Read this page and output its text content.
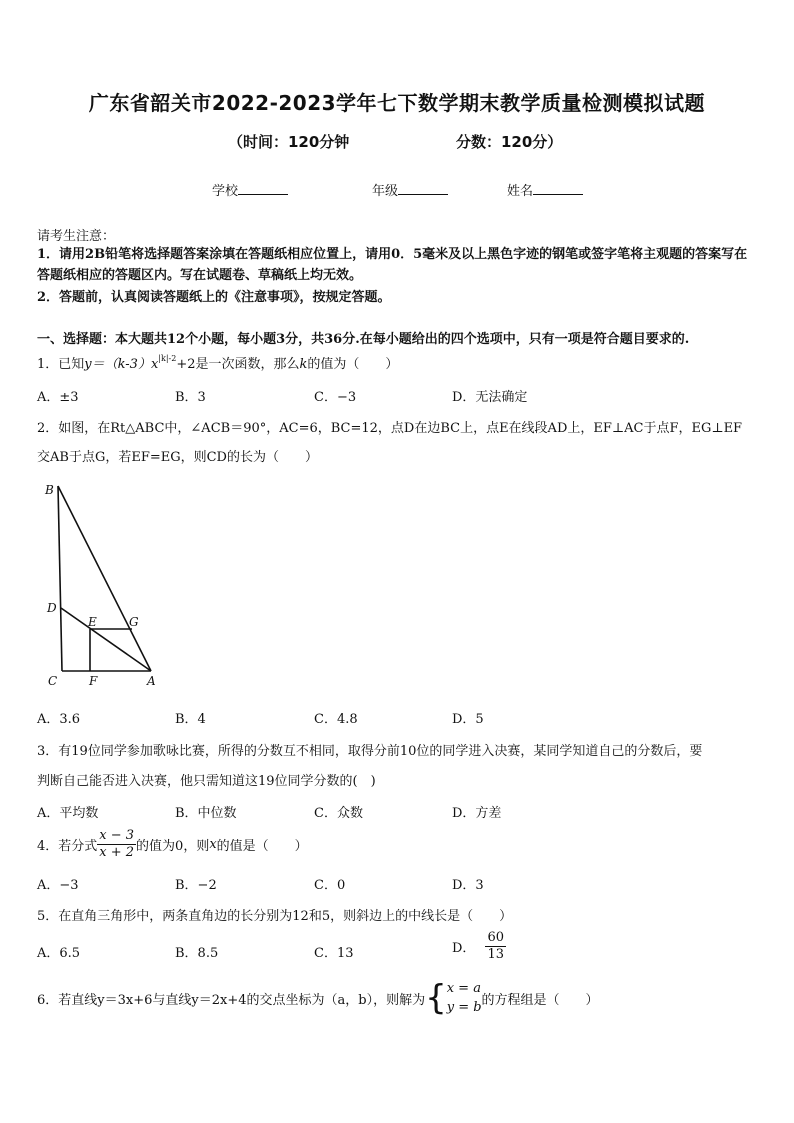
广东省韶关市2022-2023学年七下数学期末教学质量检测模拟试题
（时间：120分钟	分数：120分）
学校	年级	姓名
请考生注意：
1．请用2B铅笔将选择题答案涂填在答题纸相应位置上，请用0．5毫米及以上黑色字迹的钢笔或签字笔将主观题的答案写在答题纸相应的答题区内。写在试题卷、草稿纸上均无效。
2．答题前，认真阅读答题纸上的《注意事项》，按规定答题。
一、选择题：本大题共12个小题，每小题3分，共36分.在每小题给出的四个选项中，只有一项是符合题目要求的.
1．已知$y=(k-3)x^{|k|-2}+2$是一次函数，那么k的值为（　　）
A．±3	B．3	C．−3	D．无法确定
2．如图，在Rt△ABC中，∠ACB＝90°，AC=6，BC=12，点D在边BC上，点E在线段AD上，EF⊥AC于点F，EG⊥EF
交AB于点G，若EF=EG，则CD的长为（　　）
B
D
E	G
C	F	A
A．3.6	B．4	C．4.8	D．5
3．有19位同学参加歌咏比赛，所得的分数互不相同，取得分前10位的同学进入决赛，某同学知道自己的分数后，要
判断自己能否进入决赛，他只需知道这19位同学分数的(　)
A．平均数	B．中位数	C．众数	D．方差
4．若分式 $\frac{x - 3}{x + 2}$ 的值为0，则 x 的值是（　　）
A．−3	B．−2	C．0	D．3
5．在直角三角形中，两条直角边的长分别为12和5，则斜边上的中线长是（　　）
A．6.5	B．8.5	C．13	D． $\frac{60}{13}$
6．若直线y＝3x+6与直线y＝2x+4的交点坐标为（a，b），则解为 { x = a
y = b 的方程组是（　　）
